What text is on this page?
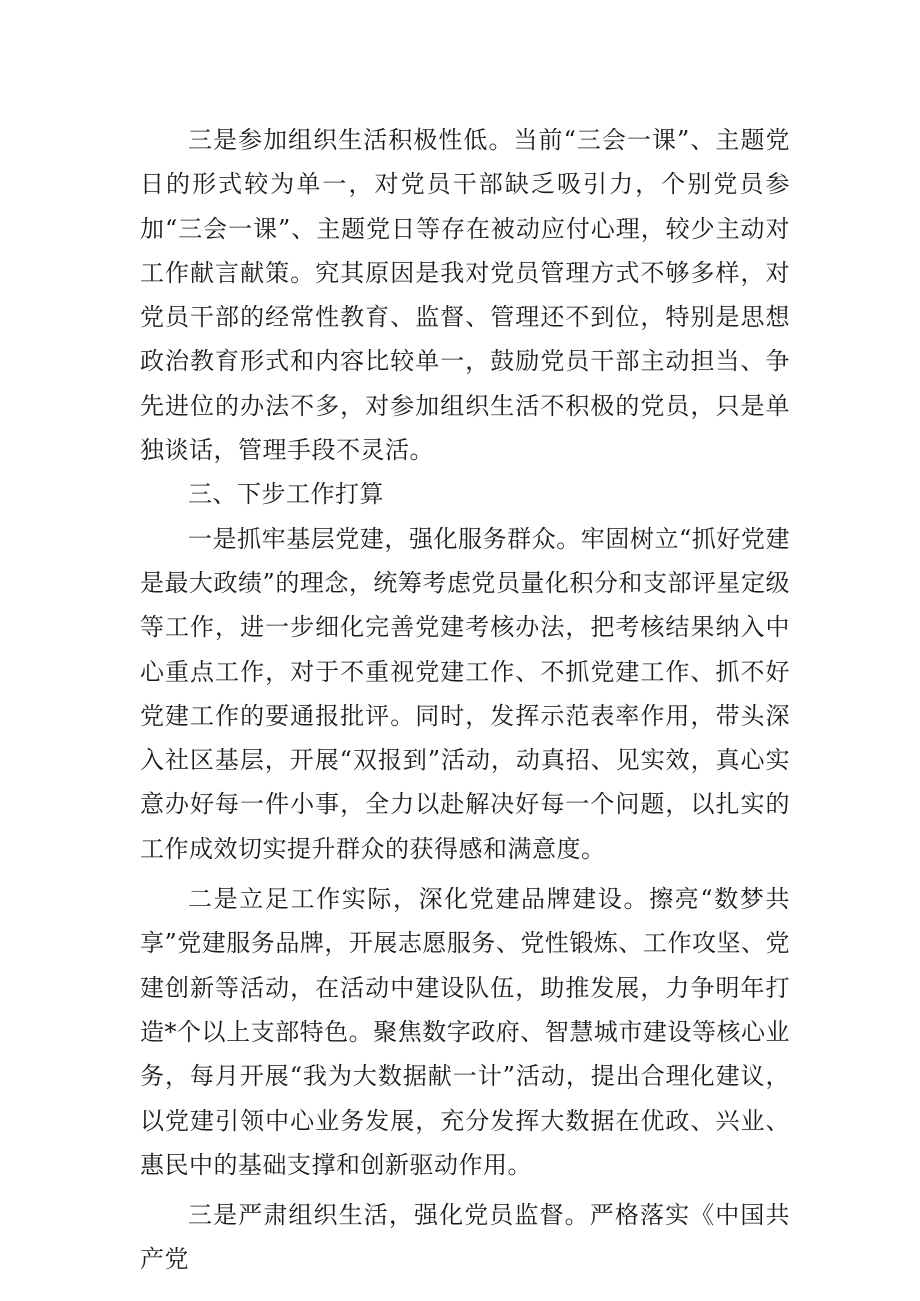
三是参加组织生活积极性低。当前“三会一课”、主题党日的形式较为单一，对党员干部缺乏吸引力，个别党员参加“三会一课”、主题党日等存在被动应付心理，较少主动对工作献言献策。究其原因是我对党员管理方式不够多样，对党员干部的经常性教育、监督、管理还不到位，特别是思想政治教育形式和内容比较单一，鼓励党员干部主动担当、争先进位的办法不多，对参加组织生活不积极的党员，只是单独谈话，管理手段不灵活。

三、下步工作打算

一是抓牢基层党建，强化服务群众。牢固树立“抓好党建是最大政绩”的理念，统筹考虑党员量化积分和支部评星定级等工作，进一步细化完善党建考核办法，把考核结果纳入中心重点工作，对于不重视党建工作、不抓党建工作、抓不好党建工作的要通报批评。同时，发挥示范表率作用，带头深入社区基层，开展“双报到”活动，动真招、见实效，真心实意办好每一件小事，全力以赴解决好每一个问题，以扎实的工作成效切实提升群众的获得感和满意度。

二是立足工作实际，深化党建品牌建设。擦亮“数梦共享”党建服务品牌，开展志愿服务、党性锻炼、工作攻坚、党建创新等活动，在活动中建设队伍，助推发展，力争明年打造*个以上支部特色。聚焦数字政府、智慧城市建设等核心业务，每月开展“我为大数据献一计”活动，提出合理化建议，以党建引领中心业务发展，充分发挥大数据在优政、兴业、惠民中的基础支撑和创新驱动作用。

三是严肃组织生活，强化党员监督。严格落实《中国共产党
